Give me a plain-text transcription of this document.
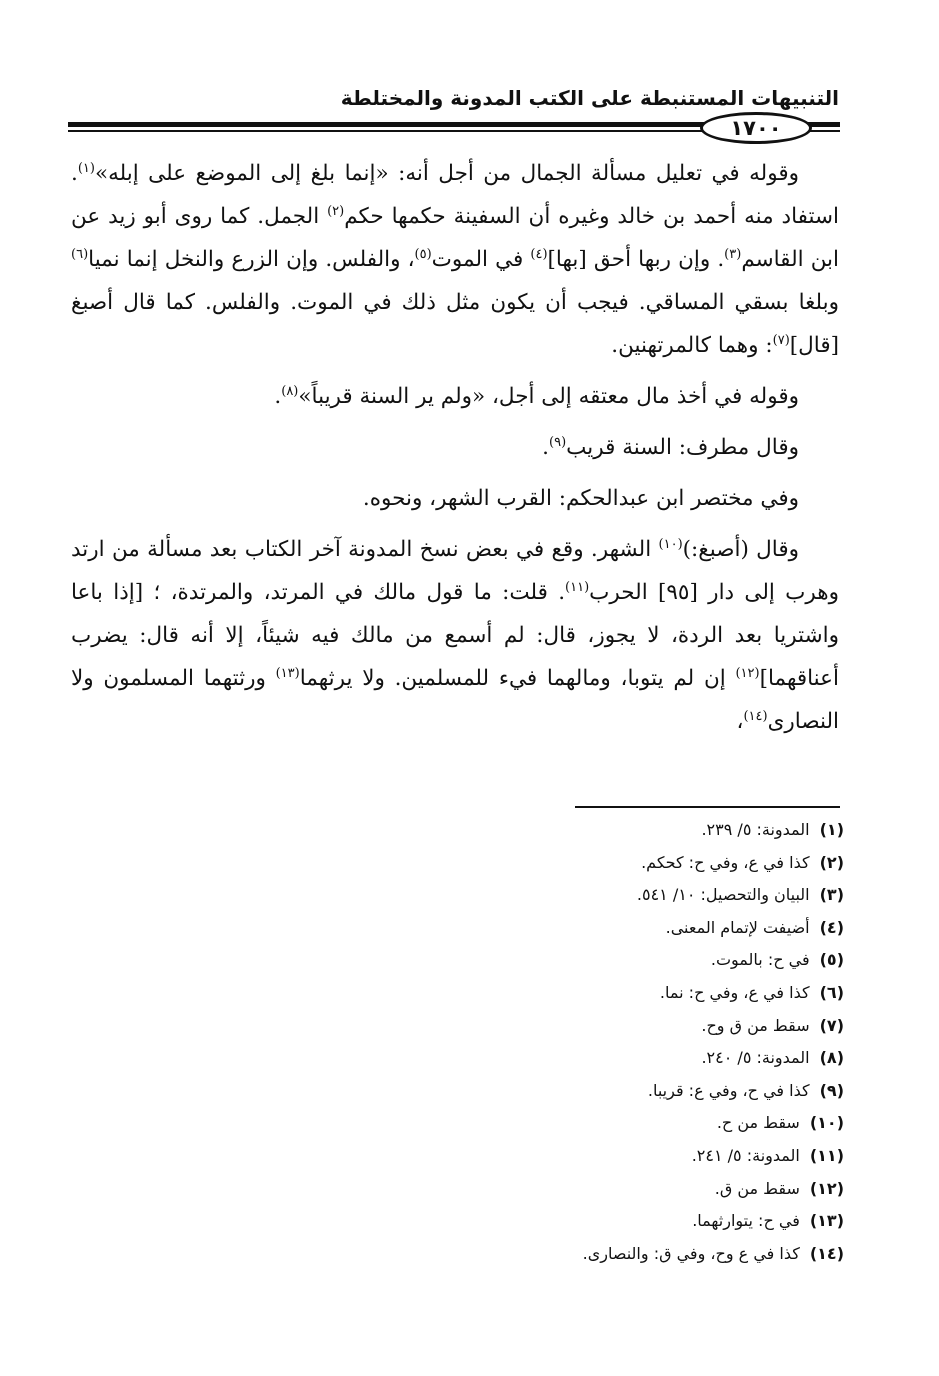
التنبيهات المستنبطة على الكتب المدونة والمختلطة
١٧٠٠

وقوله في تعليل مسألة الجمال من أجل أنه: «إنما بلغ إلى الموضع على إبله»$^{(١)}$. استفاد منه أحمد بن خالد وغيره أن السفينة حكمها حكم$^{(٢)}$ الجمل. كما روى أبو زيد عن ابن القاسم$^{(٣)}$. وإن ربها أحق [بها]$^{(٤)}$ في الموت$^{(٥)}$، والفلس. وإن الزرع والنخل إنما نميا$^{(٦)}$ وبلغا بسقي المساقي. فيجب أن يكون مثل ذلك في الموت. والفلس. كما قال أصبغ [قال]$^{(٧)}$: وهما كالمرتهنين.

وقوله في أخذ مال معتقه إلى أجل، «ولم ير السنة قريباً»$^{(٨)}$.

وقال مطرف: السنة قريب$^{(٩)}$.

وفي مختصر ابن عبدالحكم: القرب الشهر، ونحوه.

وقال (أصبغ:)$^{(١٠)}$ الشهر. وقع في بعض نسخ المدونة آخر الكتاب بعد مسألة من ارتد وهرب إلى دار [٩٥] الحرب$^{(١١)}$. قلت: ما قول مالك في المرتد، والمرتدة، ؛ [إذا باعا واشتريا بعد الردة، لا يجوز، قال: لم أسمع من مالك فيه شيئاً، إلا أنه قال: يضرب أعناقهما]$^{(١٢)}$ إن لم يتوبا، ومالهما فيء للمسلمين. ولا يرثهما$^{(١٣)}$ ورثتهما المسلمون ولا النصارى$^{(١٤)}$،

(١)المدونة: ٥/ ٢٣٩.
(٢)كذا في ع، وفي ح: كحكم.
(٣)البيان والتحصيل: ١٠/ ٥٤١.
(٤)أضيفت لإتمام المعنى.
(٥)في ح: بالموت.
(٦)كذا في ع، وفي ح: نما.
(٧)سقط من ق وح.
(٨)المدونة: ٥/ ٢٤٠.
(٩)كذا في ح، وفي ع: قريبا.
(١٠)سقط من ح.
(١١)المدونة: ٥/ ٢٤١.
(١٢)سقط من ق.
(١٣)في ح: يتوارثهما.
(١٤)كذا في ع وح، وفي ق: والنصارى.
